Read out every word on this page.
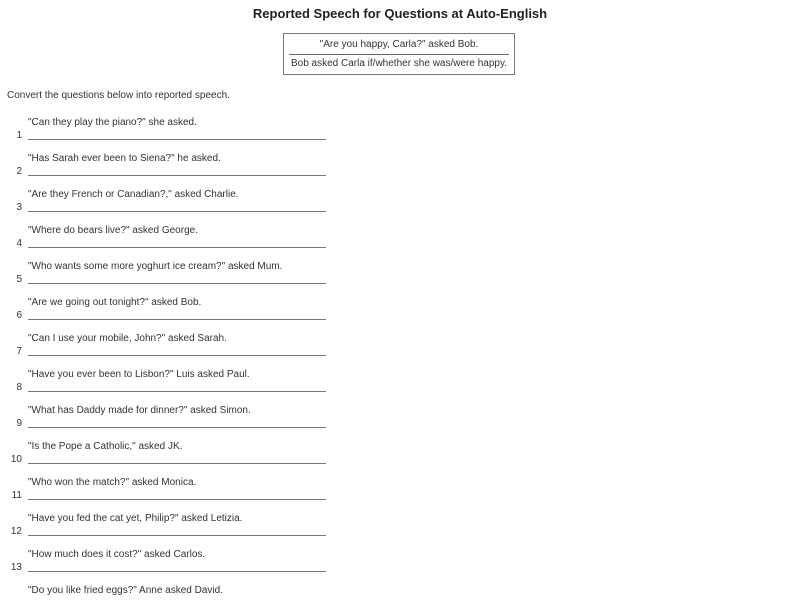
Reported Speech for Questions at Auto-English
"Are you happy, Carla?" asked Bob.
Bob asked Carla if/whether she was/were happy.
Convert the questions below into reported speech.
"Can they play the piano?" she asked.
1
"Has Sarah ever been to Siena?" he asked.
2
"Are they French or Canadian?," asked Charlie.
3
"Where do bears live?" asked George.
4
"Who wants some more yoghurt ice cream?" asked Mum.
5
"Are we going out tonight?" asked Bob.
6
"Can I use your mobile, John?" asked Sarah.
7
"Have you ever been to Lisbon?" Luis asked Paul.
8
"What has Daddy made for dinner?" asked Simon.
9
"Is the Pope a Catholic," asked JK.
10
"Who won the match?" asked Monica.
11
"Have you fed the cat yet, Philip?" asked Letizia.
12
"How much does it cost?" asked Carlos.
13
"Do you like fried eggs?" Anne asked David.
